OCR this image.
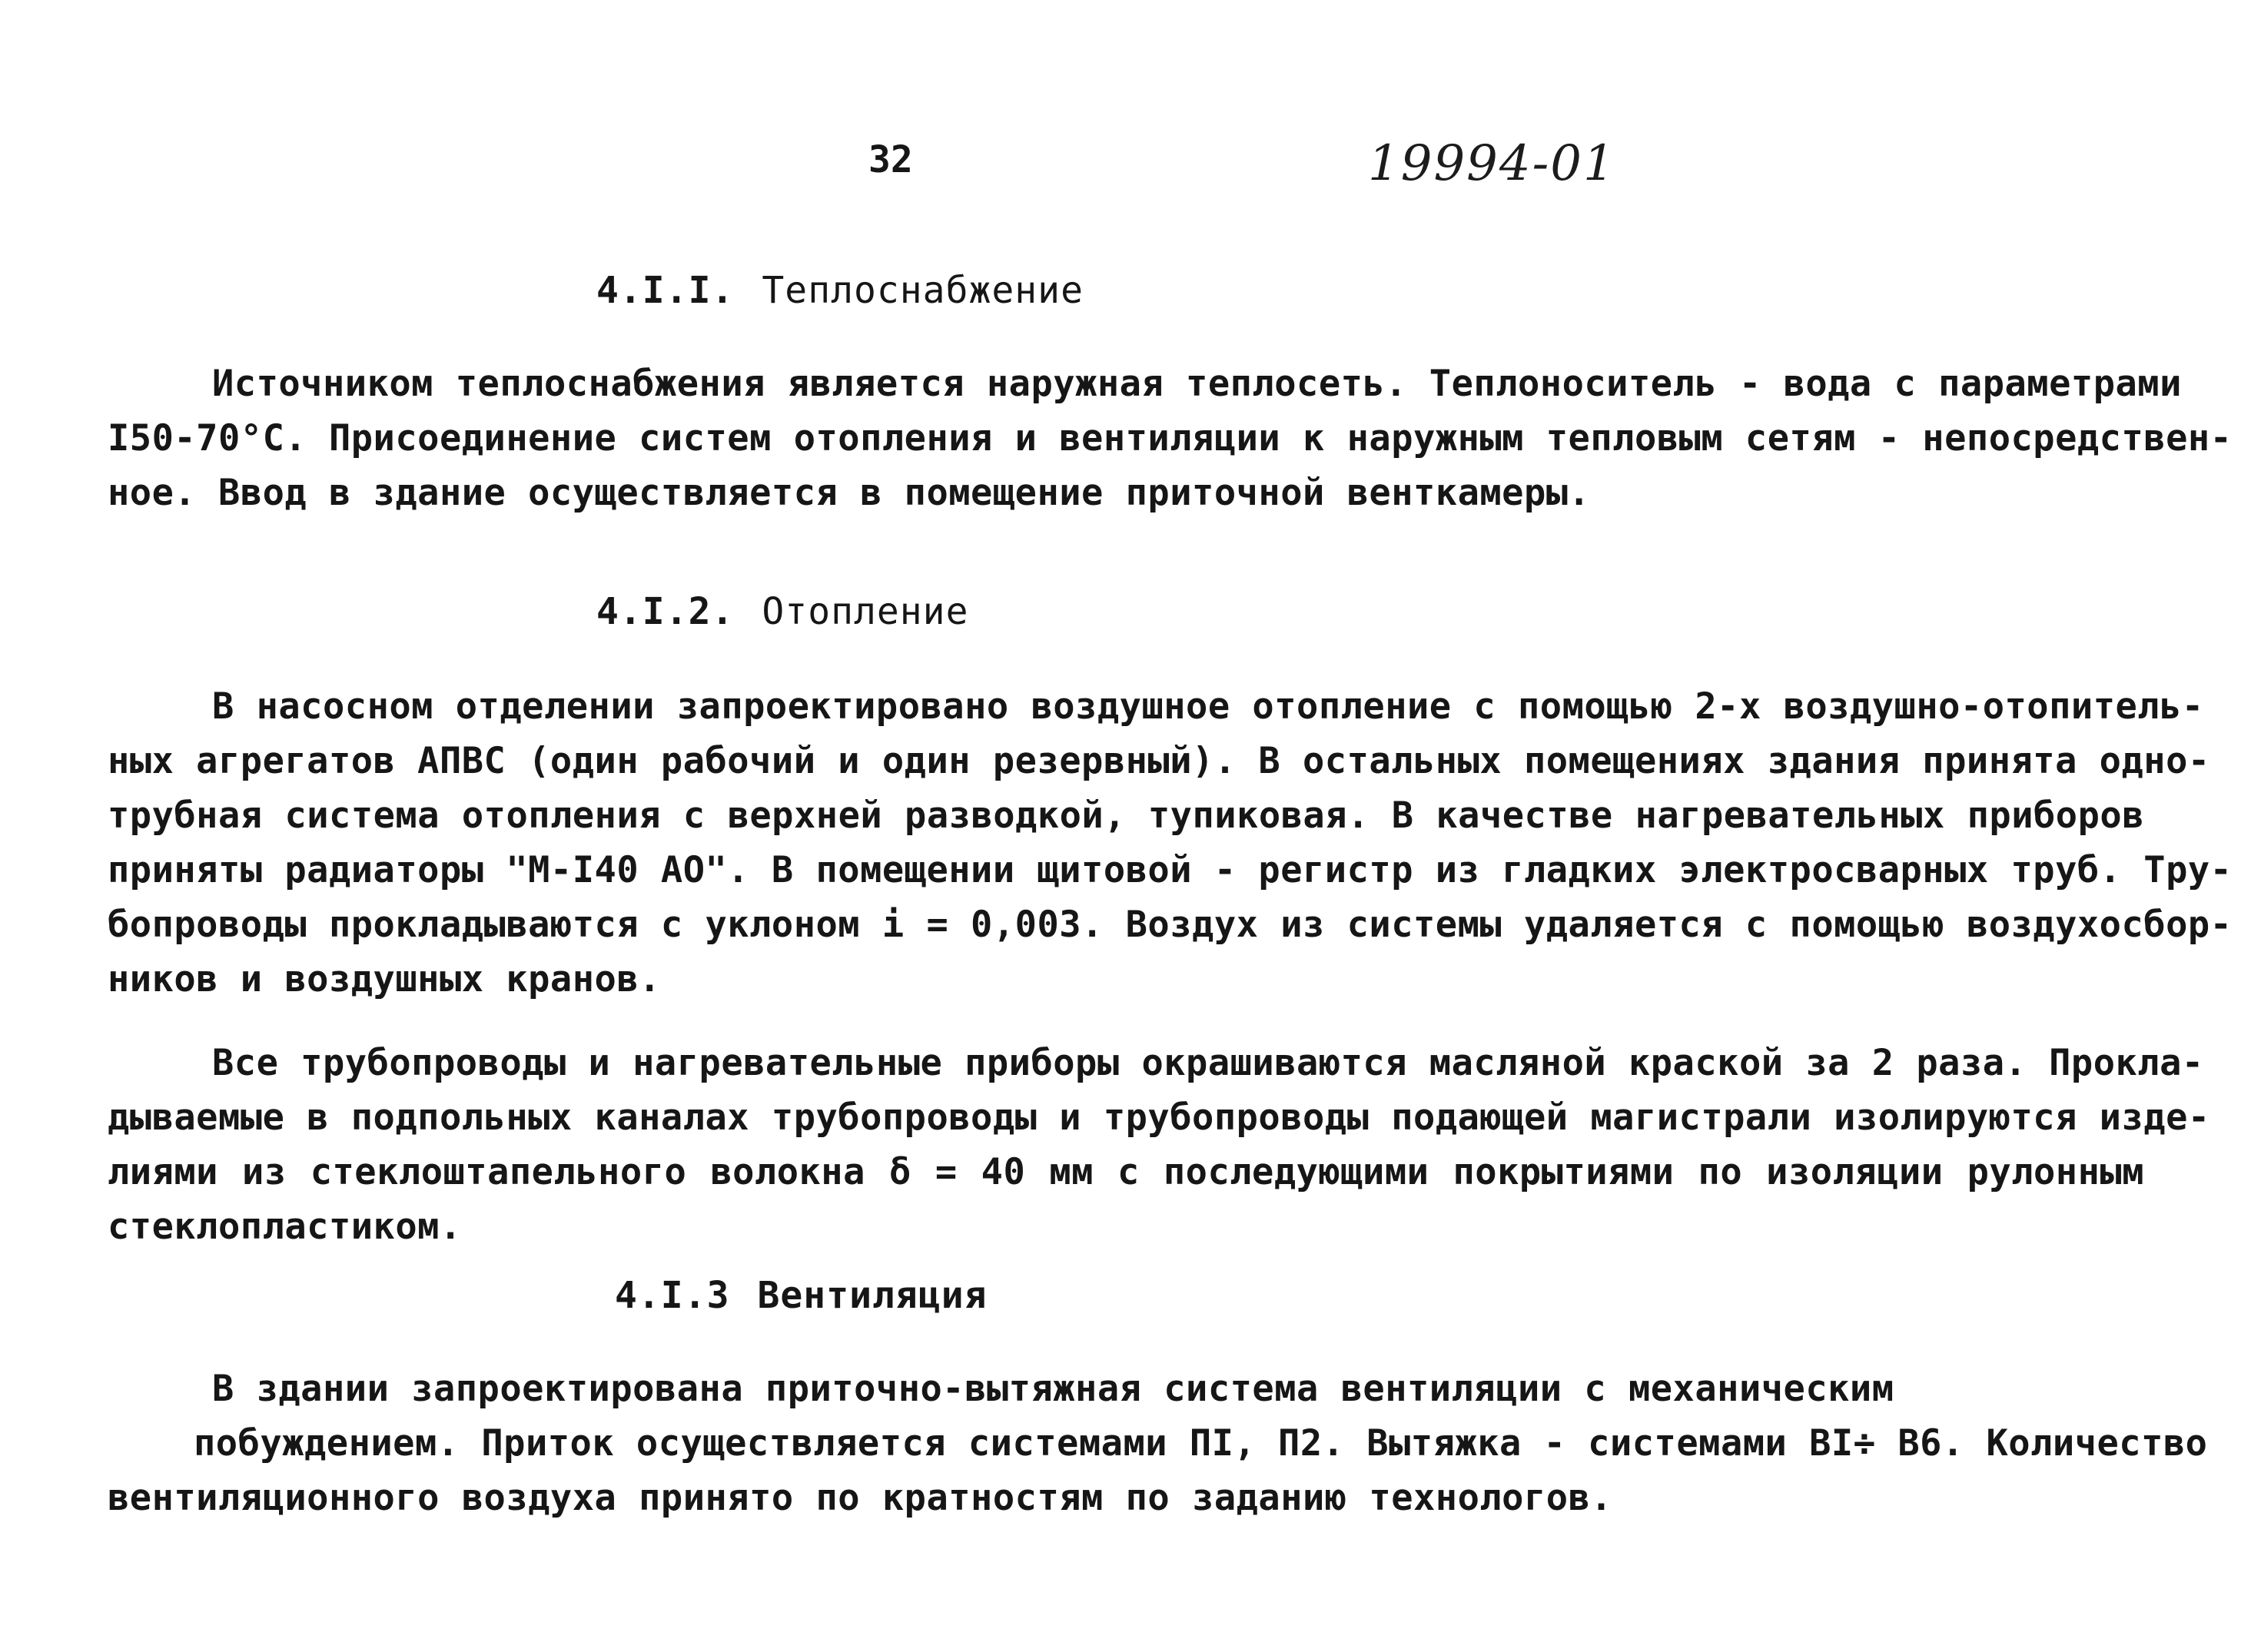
32	19994-01
4.I.I. Теплоснабжение
Источником теплоснабжения является наружная теплосеть. Теплоноситель - вода с параметрами
I50-70°С. Присоединение систем отопления и вентиляции к наружным тепловым сетям - непосредствен-
ное. Ввод в здание осуществляется в помещение приточной венткамеры.
4.I.2. Отопление
В насосном отделении запроектировано воздушное отопление с помощью 2-х воздушно-отопитель-
ных агрегатов АПВС (один рабочий и один резервный). В остальных помещениях здания принята одно-
трубная система отопления с верхней разводкой, тупиковая. В качестве нагревательных приборов
приняты радиаторы "М-I40 АО". В помещении щитовой - регистр из гладких электросварных труб. Тру-
бопроводы прокладываются с уклоном i = 0,003. Воздух из системы удаляется с помощью воздухосбор-
ников и воздушных кранов.
Все трубопроводы и нагревательные приборы окрашиваются масляной краской за 2 раза. Прокла-
дываемые в подпольных каналах трубопроводы и трубопроводы подающей магистрали изолируются изде-
лиями из стеклоштапельного волокна δ = 40 мм с последующими покрытиями по изоляции рулонным
стеклопластиком.
4.I.3 Вентиляция
В здании запроектирована приточно-вытяжная система вентиляции с механическим
побуждением. Приток осуществляется системами ПI, П2. Вытяжка - системами ВI÷ В6. Количество
вентиляционного воздуха принято по кратностям по заданию технологов.
